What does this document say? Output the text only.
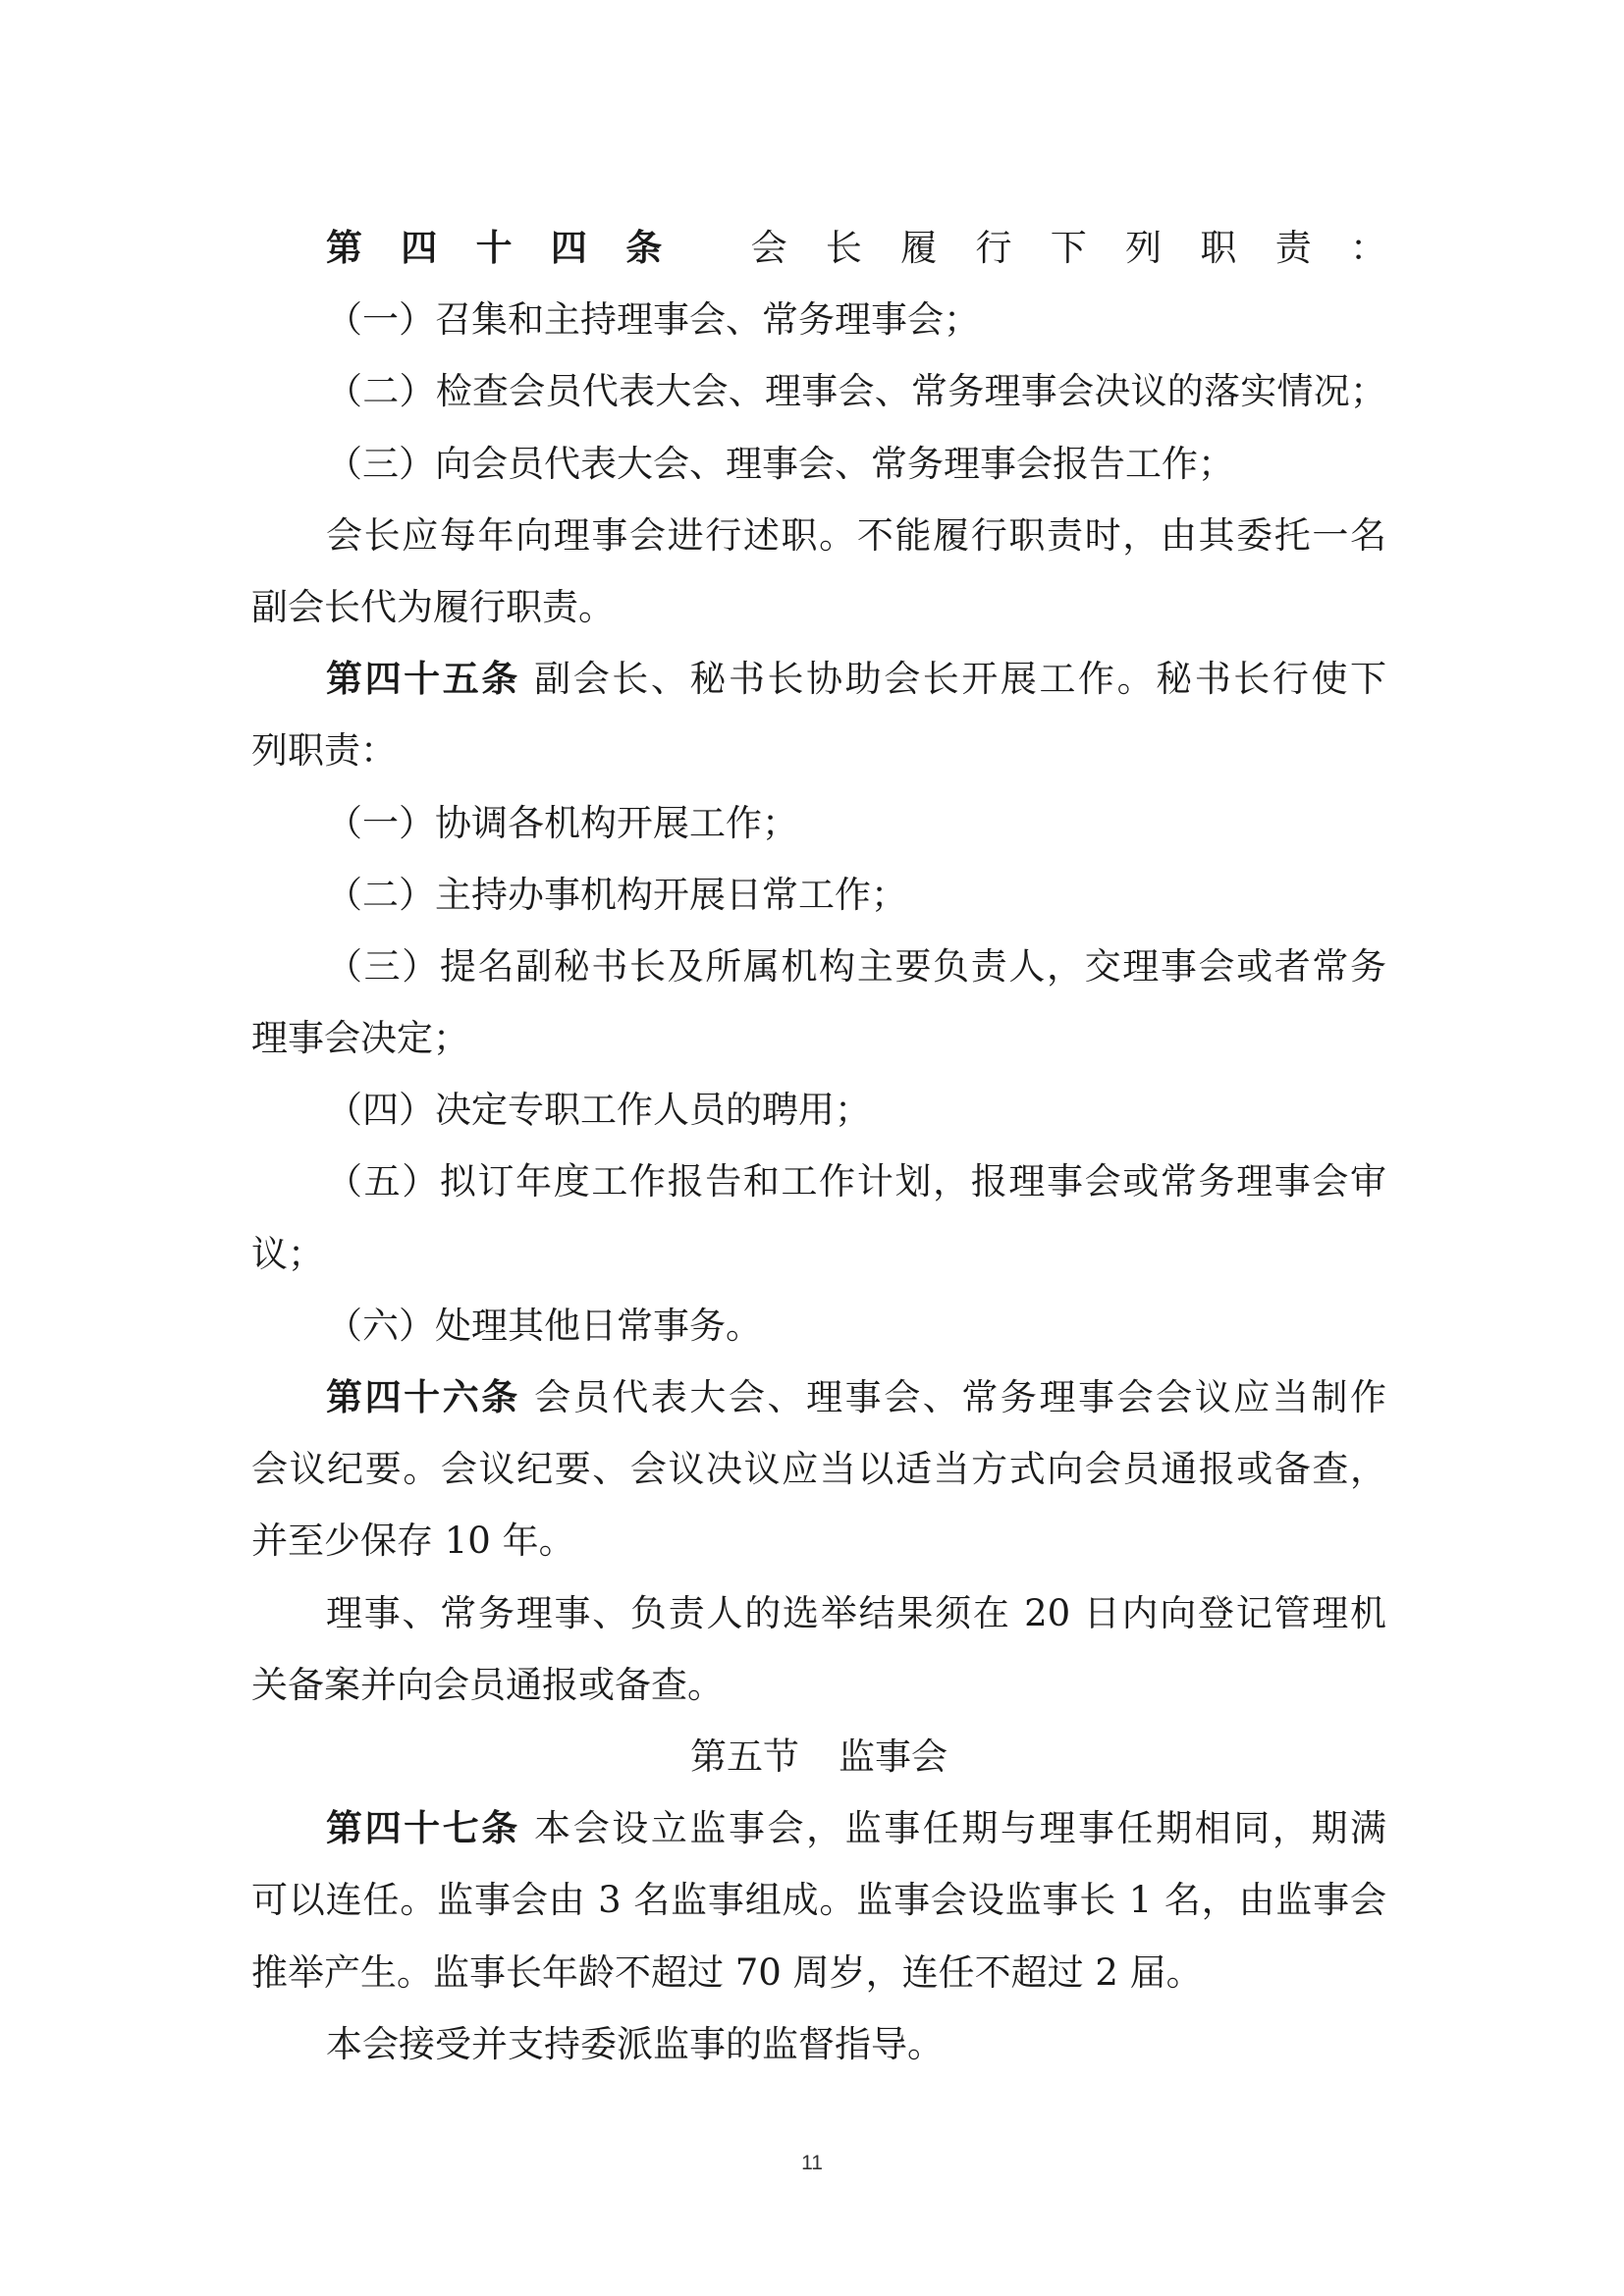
第四十四条 会长履行下列职责：
（一）召集和主持理事会、常务理事会；
（二）检查会员代表大会、理事会、常务理事会决议的落实情况；
（三）向会员代表大会、理事会、常务理事会报告工作；
会长应每年向理事会进行述职。不能履行职责时，由其委托一名
副会长代为履行职责。
第四十五条 副会长、秘书长协助会长开展工作。秘书长行使下
列职责：
（一）协调各机构开展工作；
（二）主持办事机构开展日常工作；
（三）提名副秘书长及所属机构主要负责人，交理事会或者常务
理事会决定；
（四）决定专职工作人员的聘用；
（五）拟订年度工作报告和工作计划，报理事会或常务理事会审
议；
（六）处理其他日常事务。
第四十六条 会员代表大会、理事会、常务理事会会议应当制作
会议纪要。会议纪要、会议决议应当以适当方式向会员通报或备查，
并至少保存 10 年。
理事、常务理事、负责人的选举结果须在 20 日内向登记管理机
关备案并向会员通报或备查。
第五节 监事会
第四十七条 本会设立监事会，监事任期与理事任期相同，期满
可以连任。监事会由 3 名监事组成。监事会设监事长 1 名，由监事会
推举产生。监事长年龄不超过 70 周岁，连任不超过 2 届。
本会接受并支持委派监事的监督指导。
11
